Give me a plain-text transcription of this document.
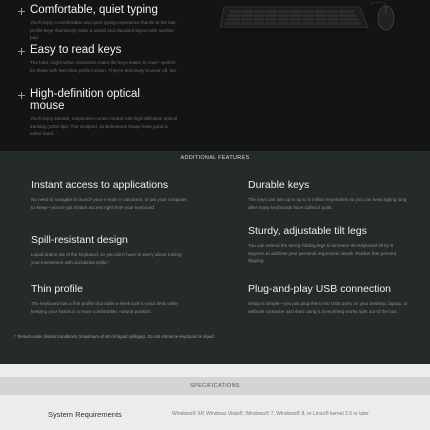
Comfortable, quiet typing

You'll enjoy a comfortable and quiet typing experience thanks to the low-profile keys that barely make a sound and standard layout with number pad.

Easy to read keys

The bold, bright white characters make the keys easier to read—perfect for those with less-than-perfect vision. They're less likely to wear off, too.

High-definition optical mouse

You'll enjoy smooth, responsive cursor control with high-definition optical tracking (1000 dpi). The sculpted, ambidextrous shape feels good in either hand.

ADDITIONAL FEATURES
Instant access to applications

No need to navigate to launch your e-mail or calculator, or put your computer to sleep—you've got instant access right from your keyboard.

Durable keys

The keys can last up to up to 5 million keystrokes so you can keep typing long after many keyboards have called it quits.

Spill-resistant design

Liquid drains out of the keyboard, so you don't have to worry about ruining your investment with accidental spills.*

Sturdy, adjustable tilt legs

You can extend the sturdy folding legs to increase the keyboard tilt by 8 degrees to address your personal ergonomic needs. Rubber feet prevent slipping.

Thin profile

The keyboard has a thin profile that adds a sleek look to your desk while keeping your hands in a more comfortable, natural position.

Plug-and-play USB connection

Setup is simple—you just plug them into USB ports on your desktop, laptop, or netbook computer and start using it. Everything works right out of the box.

* Tested under limited conditions (maximum of 60 ml liquid spillage). Do not immerse keyboard in liquid.
SPECIFICATIONS
System Requirements	Windows® XP, Windows Vista®, Windows® 7, Windows® 8, or Linux® kernel 2.6 or later
